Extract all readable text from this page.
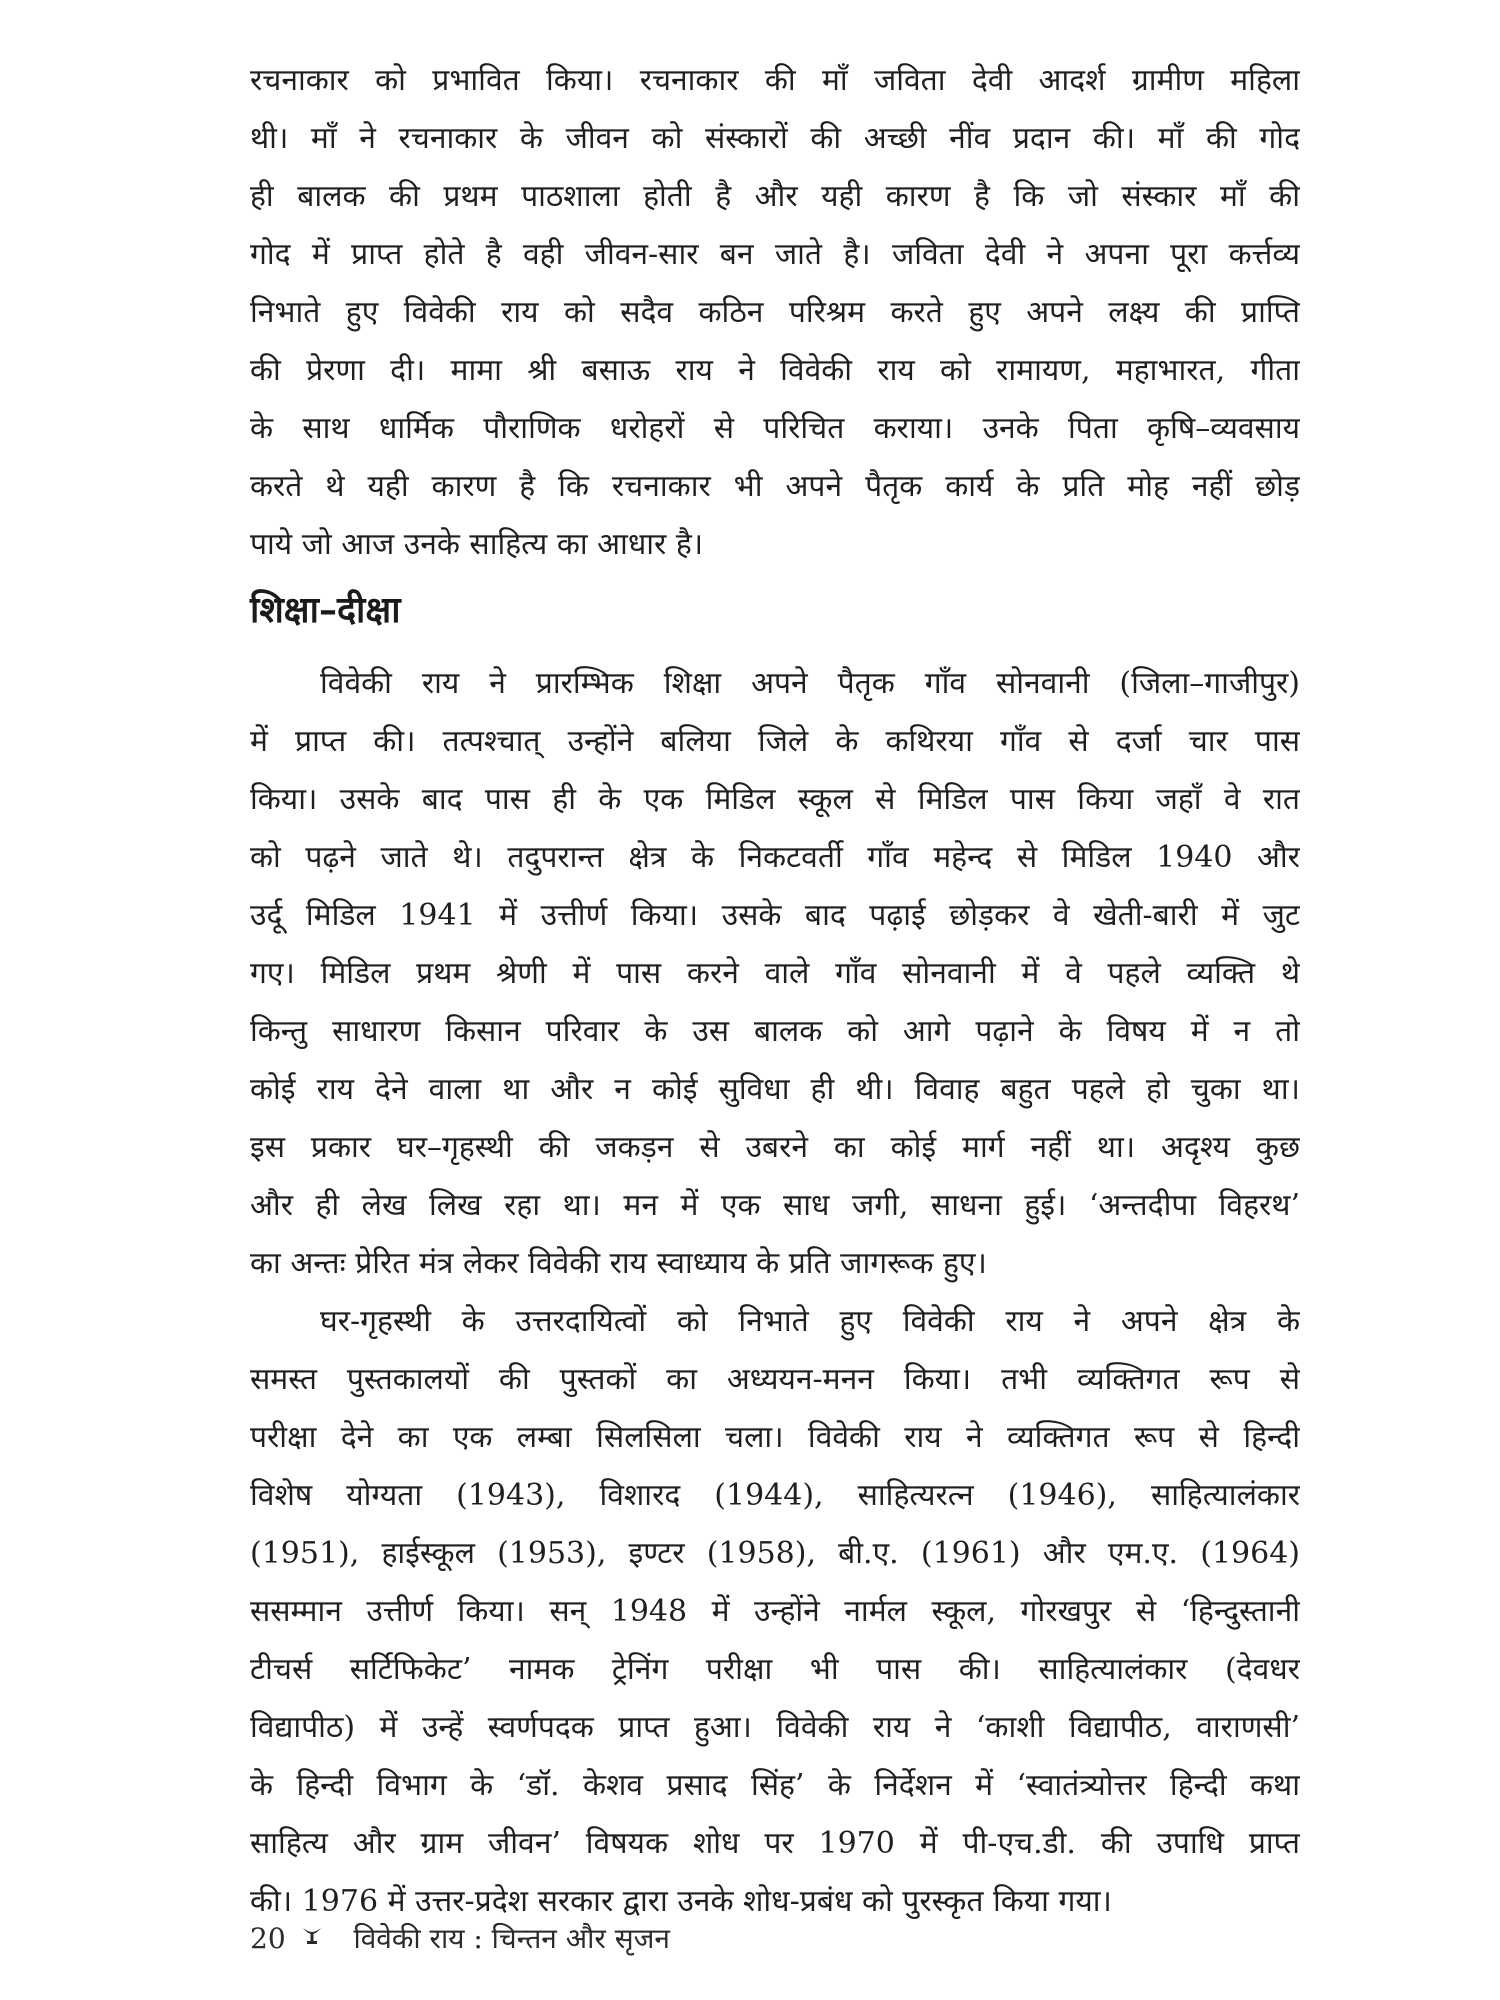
रचनाकार को प्रभावित किया। रचनाकार की माँ जविता देवी आदर्श ग्रामीण महिला
थी। माँ ने रचनाकार के जीवन को संस्कारों की अच्छी नींव प्रदान की। माँ की गोद
ही बालक की प्रथम पाठशाला होती है और यही कारण है कि जो संस्कार माँ की
गोद में प्राप्त होते है वही जीवन-सार बन जाते है। जविता देवी ने अपना पूरा कर्त्तव्य
निभाते हुए विवेकी राय को सदैव कठिन परिश्रम करते हुए अपने लक्ष्य की प्राप्ति
की प्रेरणा दी। मामा श्री बसाऊ राय ने विवेकी राय को रामायण, महाभारत, गीता
के साथ धार्मिक पौराणिक धरोहरों से परिचित कराया। उनके पिता कृषि–व्यवसाय
करते थे यही कारण है कि रचनाकार भी अपने पैतृक कार्य के प्रति मोह नहीं छोड़
पाये जो आज उनके साहित्य का आधार है।
शिक्षा–दीक्षा
विवेकी राय ने प्रारम्भिक शिक्षा अपने पैतृक गाँव सोनवानी (जिला–गाजीपुर)
में प्राप्त की। तत्पश्चात् उन्होंने बलिया जिले के कथिरया गाँव से दर्जा चार पास
किया। उसके बाद पास ही के एक मिडिल स्कूल से मिडिल पास किया जहाँ वे रात
को पढ़ने जाते थे। तदुपरान्त क्षेत्र के निकटवर्ती गाँव महेन्द से मिडिल 1940 और
उर्दू मिडिल 1941 में उत्तीर्ण किया। उसके बाद पढ़ाई छोड़कर वे खेती-बारी में जुट
गए। मिडिल प्रथम श्रेणी में पास करने वाले गाँव सोनवानी में वे पहले व्यक्ति थे
किन्तु साधारण किसान परिवार के उस बालक को आगे पढ़ाने के विषय में न तो
कोई राय देने वाला था और न कोई सुविधा ही थी। विवाह बहुत पहले हो चुका था।
इस प्रकार घर–गृहस्थी की जकड़न से उबरने का कोई मार्ग नहीं था। अदृश्य कुछ
और ही लेख लिख रहा था। मन में एक साध जगी, साधना हुई। ‘अन्तदीपा विहरथ’
का अन्तः प्रेरित मंत्र लेकर विवेकी राय स्वाध्याय के प्रति जागरूक हुए।
घर-गृहस्थी के उत्तरदायित्वों को निभाते हुए विवेकी राय ने अपने क्षेत्र के
समस्त पुस्तकालयों की पुस्तकों का अध्ययन-मनन किया। तभी व्यक्तिगत रूप से
परीक्षा देने का एक लम्बा सिलसिला चला। विवेकी राय ने व्यक्तिगत रूप से हिन्दी
विशेष योग्यता (1943), विशारद (1944), साहित्यरत्न (1946), साहित्यालंकार
(1951), हाईस्कूल (1953), इण्टर (1958), बी.ए. (1961) और एम.ए. (1964)
ससम्मान उत्तीर्ण किया। सन् 1948 में उन्होंने नार्मल स्कूल, गोरखपुर से ‘हिन्दुस्तानी
टीचर्स सर्टिफिकेट’ नामक ट्रेनिंग परीक्षा भी पास की। साहित्यालंकार (देवधर
विद्यापीठ) में उन्हें स्वर्णपदक प्राप्त हुआ। विवेकी राय ने ‘काशी विद्यापीठ, वाराणसी’
के हिन्दी विभाग के ‘डॉ. केशव प्रसाद सिंह’ के निर्देशन में ‘स्वातंत्र्योत्तर हिन्दी कथा
साहित्य और ग्राम जीवन’ विषयक शोध पर 1970 में पी-एच.डी. की उपाधि प्राप्त
की। 1976 में उत्तर-प्रदेश सरकार द्वारा उनके शोध-प्रबंध को पुरस्कृत किया गया।
20 विवेकी राय : चिन्तन और सृजन
